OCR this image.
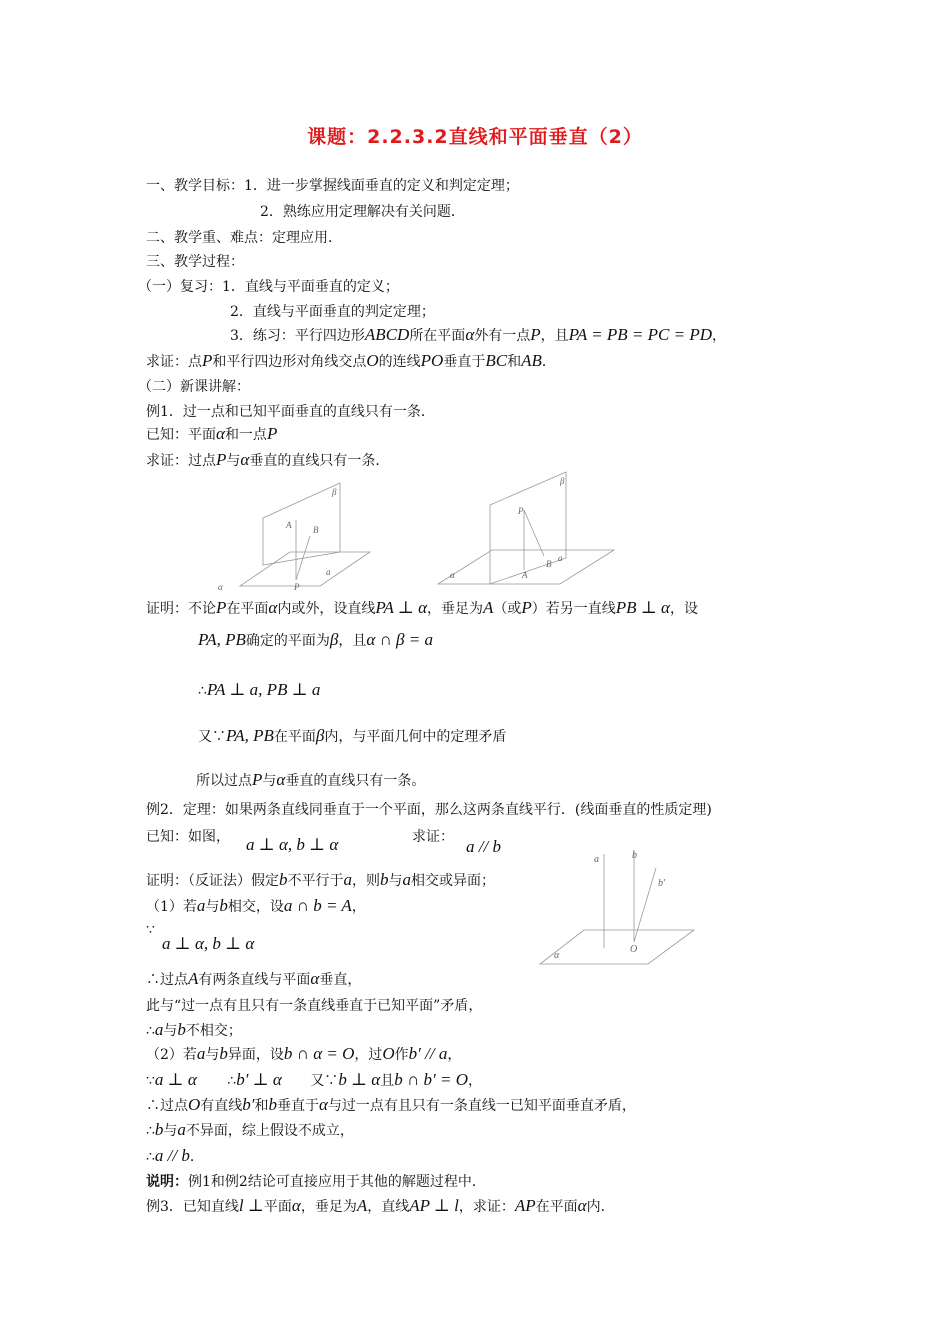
课题：2.2.3.2直线和平面垂直（2）
一、教学目标：1．进一步掌握线面垂直的定义和判定定理；
2．熟练应用定理解决有关问题．
二、教学重、难点：定理应用．
三、教学过程：
（一）复习：1．直线与平面垂直的定义；
2．直线与平面垂直的判定定理；
3．练习：平行四边形ABCD所在平面α外有一点P，且PA = PB = PC = PD，
求证：点P和平行四边形对角线交点O的连线PO垂直于BC和AB．
（二）新课讲解：
例1．过一点和已知平面垂直的直线只有一条．
已知：平面α和一点P
求证：过点P与α垂直的直线只有一条．
β
A B
P
a
α
β
P
A
B
a
α
证明：不论P在平面α内或外，设直线PA ⊥ α，垂足为A（或P）若另一直线PB ⊥ α，设
PA, PB确定的平面为β，且α ∩ β = a
∴PA ⊥ a, PB ⊥ a
又∵PA, PB在平面β内，与平面几何中的定理矛盾
所以过点P与α垂直的直线只有一条。
例2．定理：如果两条直线同垂直于一个平面，那么这两条直线平行．(线面垂直的性质定理)
已知：如图， a ⊥ α, b ⊥ α	求证： a // b
a	b
b′
O
α
证明：（反证法）假定b不平行于a，则b与a相交或异面；
（1）若a与b相交，设a ∩ b = A，
∵
a ⊥ α, b ⊥ α
∴过点A有两条直线与平面α垂直，
此与“过一点有且只有一条直线垂直于已知平面”矛盾，
∴a与b不相交；
（2）若a与b异面，设b ∩ α = O，过O作b′ // a，
∵a ⊥ α ∴b′ ⊥ α 又∵b ⊥ α且b ∩ b′ = O，
∴过点O有直线b′和b垂直于α与过一点有且只有一条直线一已知平面垂直矛盾，
∴b与a不异面，综上假设不成立，
∴a // b．
说明：例1和例2结论可直接应用于其他的解题过程中．
例3．已知直线l ⊥平面α，垂足为A，直线AP ⊥ l，求证：AP在平面α内．
